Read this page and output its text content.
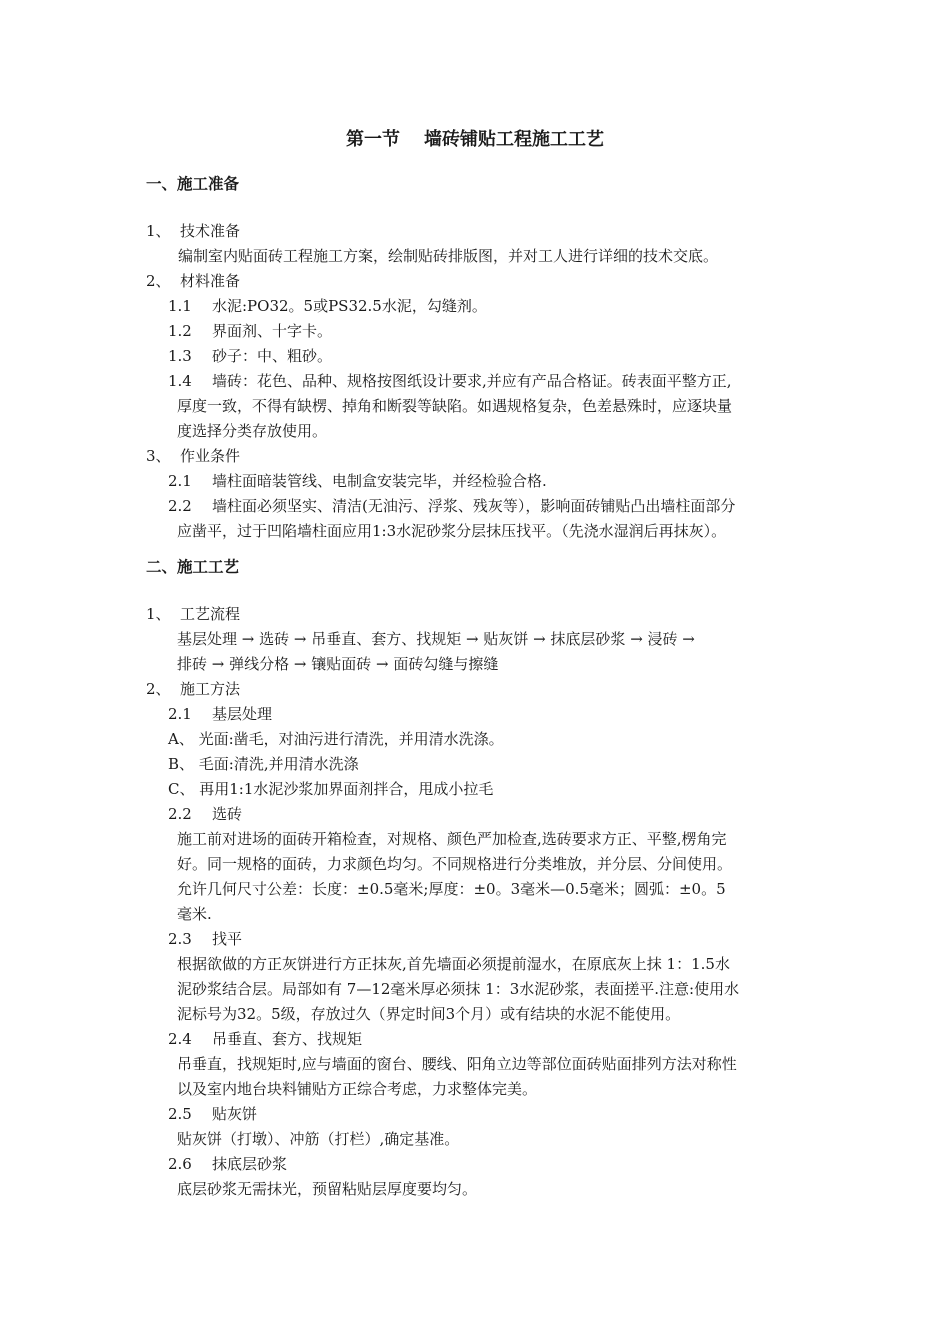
第一节 墙砖铺贴工程施工工艺
一、施工准备
1、 技术准备
编制室内贴面砖工程施工方案，绘制贴砖排版图，并对工人进行详细的技术交底。
2、 材料准备
1.1 水泥:PO32。5或PS32.5水泥，勾缝剂。
1.2 界面剂、十字卡。
1.3 砂子：中、粗砂。
1.4 墙砖：花色、品种、规格按图纸设计要求,并应有产品合格证。砖表面平整方正,
厚度一致，不得有缺楞、掉角和断裂等缺陷。如遇规格复杂，色差悬殊时，应逐块量
度选择分类存放使用。
3、 作业条件
2.1 墙柱面暗装管线、电制盒安装完毕，并经检验合格.
2.2 墙柱面必须坚实、清洁(无油污、浮浆、残灰等），影响面砖铺贴凸出墙柱面部分
应凿平，过于凹陷墙柱面应用1:3水泥砂浆分层抹压找平。（先浇水湿润后再抹灰）。
二、施工工艺
1、 工艺流程
基层处理 → 选砖 → 吊垂直、套方、找规矩 → 贴灰饼 → 抹底层砂浆 → 浸砖 →
排砖 → 弹线分格 → 镶贴面砖 → 面砖勾缝与擦缝
2、 施工方法
2.1 基层处理
A、 光面:凿毛，对油污进行清洗，并用清水洗涤。
B、 毛面:清洗,并用清水洗涤
C、 再用1:1水泥沙浆加界面剂拌合，甩成小拉毛
2.2 选砖
施工前对进场的面砖开箱检查，对规格、颜色严加检查,选砖要求方正、平整,楞角完
好。同一规格的面砖，力求颜色均匀。不同规格进行分类堆放，并分层、分间使用。
允许几何尺寸公差：长度：±0.5毫米;厚度：±0。3毫米—0.5毫米；圆弧：±0。5
毫米.
2.3 找平
根据欲做的方正灰饼进行方正抹灰,首先墙面必须提前湿水，在原底灰上抹 1：1.5水
泥砂浆结合层。局部如有 7—12毫米厚必须抹 1：3水泥砂浆，表面搓平.注意:使用水
泥标号为32。5级，存放过久（界定时间3个月）或有结块的水泥不能使用。
2.4 吊垂直、套方、找规矩
吊垂直，找规矩时,应与墙面的窗台、腰线、阳角立边等部位面砖贴面排列方法对称性
以及室内地台块料铺贴方正综合考虑，力求整体完美。
2.5 贴灰饼
贴灰饼（打墩）、冲筋（打栏）,确定基准。
2.6 抹底层砂浆
底层砂浆无需抹光，预留粘贴层厚度要均匀。
